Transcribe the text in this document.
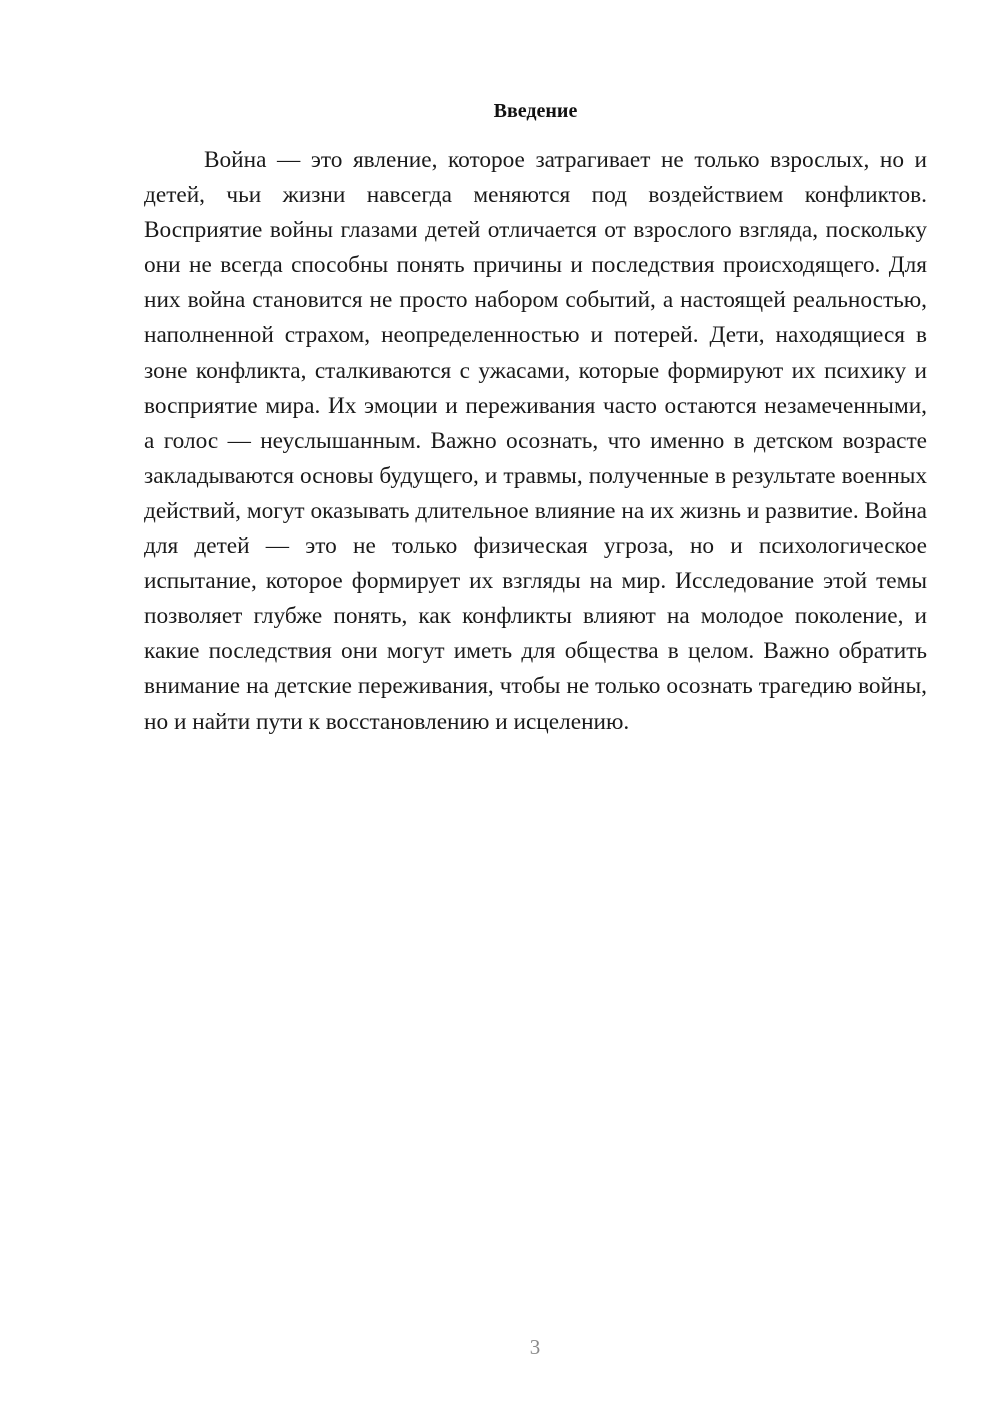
Введение

Война — это явление, которое затрагивает не только взрослых, но и детей, чьи жизни навсегда меняются под воздействием конфликтов. Восприятие войны глазами детей отличается от взрослого взгляда, поскольку они не всегда способны понять причины и последствия происходящего. Для них война становится не просто набором событий, а настоящей реальностью, наполненной страхом, неопределенностью и потерей. Дети, находящиеся в зоне конфликта, сталкиваются с ужасами, которые формируют их психику и восприятие мира. Их эмоции и переживания часто остаются незамеченными, а голос — неуслышанным. Важно осознать, что именно в детском возрасте закладываются основы будущего, и травмы, полученные в результате военных действий, могут оказывать длительное влияние на их жизнь и развитие. Война для детей — это не только физическая угроза, но и психологическое испытание, которое формирует их взгляды на мир. Исследование этой темы позволяет глубже понять, как конфликты влияют на молодое поколение, и какие последствия они могут иметь для общества в целом. Важно обратить внимание на детские переживания, чтобы не только осознать трагедию войны, но и найти пути к восстановлению и исцелению.

3
